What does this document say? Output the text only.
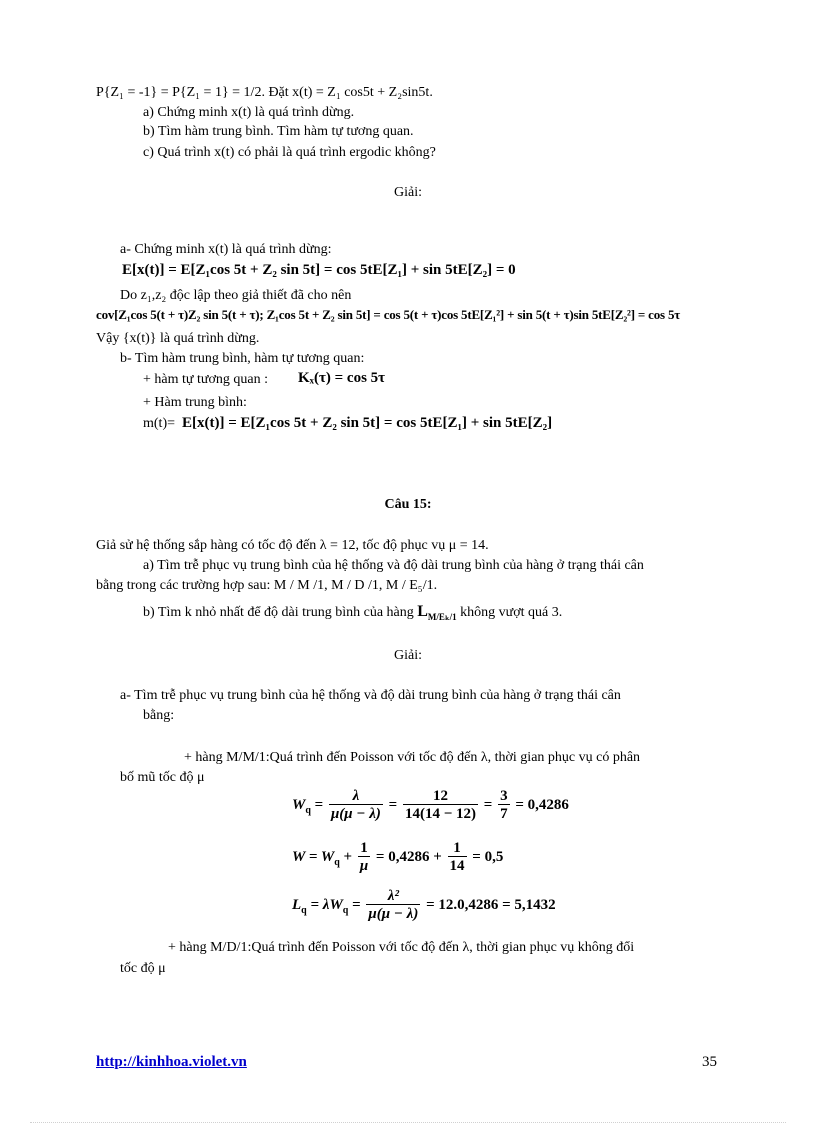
P{Z₁ = -1} = P{Z₁ = 1} = 1/2. Đặt x(t) = Z₁ cos5t + Z₂sin5t.
a) Chứng minh x(t) là quá trình dừng.
b) Tìm hàm trung bình. Tìm hàm tự tương quan.
c) Quá trình x(t) có phải là quá trình ergodic không?
Giải:
a- Chứng minh x(t) là quá trình dừng:
E[x(t)] = E[Z₁cos 5t + Z₂ sin 5t] = cos 5tE[Z₁] + sin 5tE[Z₂] = 0
Do z₁,z₂ độc lập theo giả thiết đã cho nên
cov[Z₁cos 5(t + τ)Z₂ sin 5(t + τ); Z₁cos 5t + Z₂ sin 5t] = cos 5(t + τ)cos 5tE[Z₁²] + sin 5(t + τ)sin 5tE[Z₂²] = cos 5τ
Vậy {x(t)} là quá trình dừng.
b- Tìm hàm trung bình, hàm tự tương quan:
+ hàm tự tương quan : Kₓ(τ) = cos 5τ
+ Hàm trung bình:
m(t)= E[x(t)] = E[Z₁cos 5t + Z₂ sin 5t] = cos 5tE[Z₁] + sin 5tE[Z₂]
Câu 15:
Giả sử hệ thống sắp hàng có tốc độ đến λ = 12, tốc độ phục vụ μ = 14.
a) Tìm trễ phục vụ trung bình của hệ thống và độ dài trung bình của hàng ở trạng thái cân
bằng trong các trường hợp sau: M / M /1, M / D /1, M / E₅/1.
b) Tìm k nhỏ nhất để độ dài trung bình của hàng $L_{M/E_k/1}$ không vượt quá 3.
Giải:
a- Tìm trễ phục vụ trung bình của hệ thống và độ dài trung bình của hàng ở trạng thái cân
bằng:
+ hàng M/M/1:Quá trình đến Poisson với tốc độ đến λ, thời gian phục vụ có phân
bố mũ tốc độ μ
$W_q = \frac{\lambda}{\mu(\mu - \lambda)} = \frac{12}{14(14 - 12)} = \frac{3}{7} = 0,4286$
$W = W_q + \frac{1}{\mu} = 0,4286 + \frac{1}{14} = 0,5$
$L_q = \lambda W_q = \frac{\text{λ²}}{\mu(\mu - \lambda)} = 12.0,4286 = 5,1432$
+ hàng M/D/1:Quá trình đến Poisson với tốc độ đến λ, thời gian phục vụ không đổi
tốc độ μ
http://kinhhoa.violet.vn	35
